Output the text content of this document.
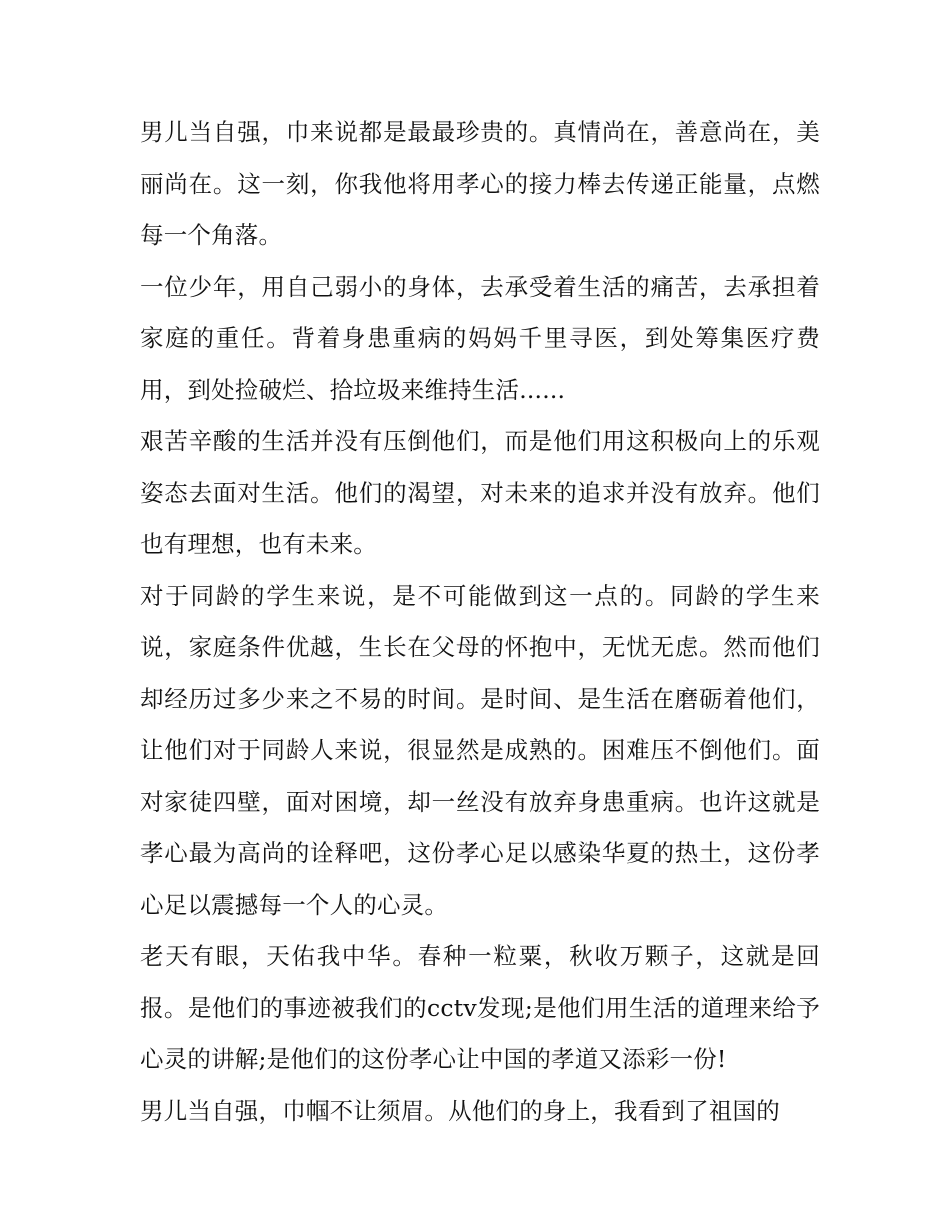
男儿当自强，巾来说都是最最珍贵的。真情尚在，善意尚在，美丽尚在。这一刻，你我他将用孝心的接力棒去传递正能量，点燃每一个角落。

一位少年，用自己弱小的身体，去承受着生活的痛苦，去承担着家庭的重任。背着身患重病的妈妈千里寻医，到处筹集医疗费用，到处捡破烂、拾垃圾来维持生活......

艰苦辛酸的生活并没有压倒他们，而是他们用这积极向上的乐观姿态去面对生活。他们的渴望，对未来的追求并没有放弃。他们也有理想，也有未来。

对于同龄的学生来说，是不可能做到这一点的。同龄的学生来说，家庭条件优越，生长在父母的怀抱中，无忧无虑。然而他们却经历过多少来之不易的时间。是时间、是生活在磨砺着他们，让他们对于同龄人来说，很显然是成熟的。困难压不倒他们。面对家徒四壁，面对困境，却一丝没有放弃身患重病。也许这就是孝心最为高尚的诠释吧，这份孝心足以感染华夏的热土，这份孝心足以震撼每一个人的心灵。

老天有眼，天佑我中华。春种一粒粟，秋收万颗子，这就是回报。是他们的事迹被我们的cctv发现;是他们用生活的道理来给予心灵的讲解;是他们的这份孝心让中国的孝道又添彩一份!

男儿当自强，巾帼不让须眉。从他们的身上，我看到了祖国的
